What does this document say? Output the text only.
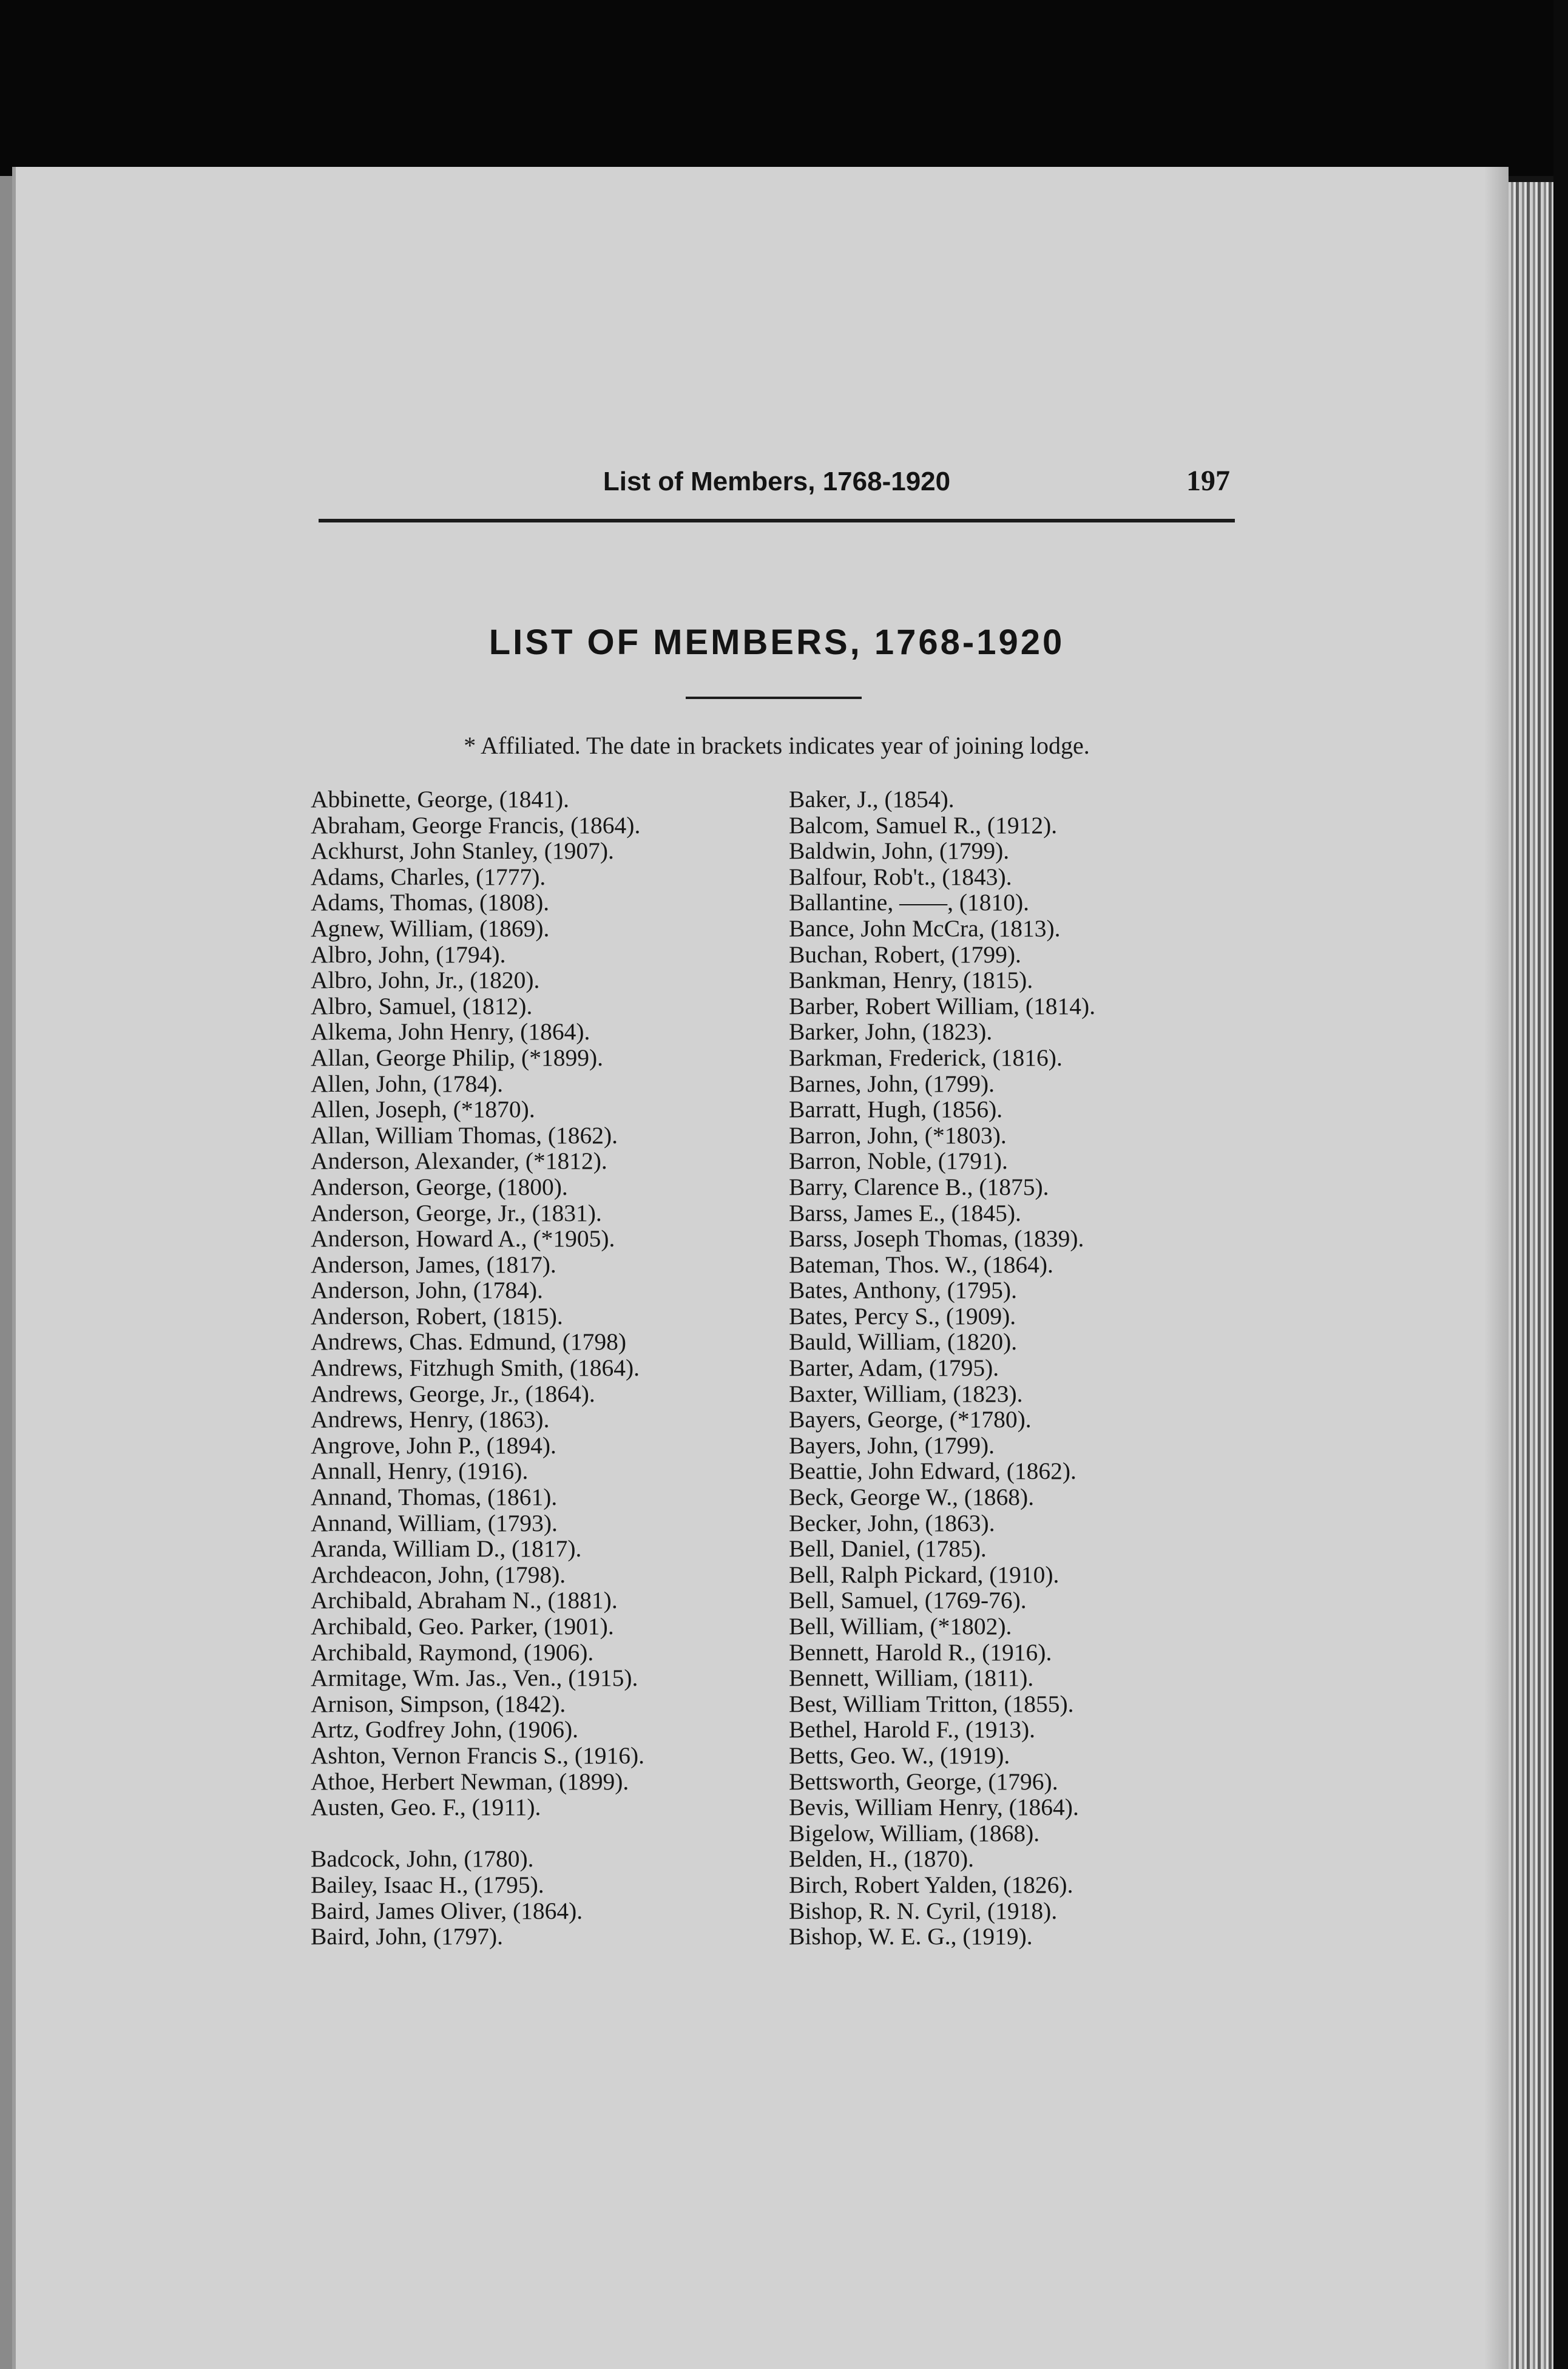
List of Members, 1768-1920	197
LIST OF MEMBERS, 1768-1920
* Affiliated. The date in brackets indicates year of joining lodge.
Abbinette, George, (1841).
Abraham, George Francis, (1864).
Ackhurst, John Stanley, (1907).
Adams, Charles, (1777).
Adams, Thomas, (1808).
Agnew, William, (1869).
Albro, John, (1794).
Albro, John, Jr., (1820).
Albro, Samuel, (1812).
Alkema, John Henry, (1864).
Allan, George Philip, (*1899).
Allen, John, (1784).
Allen, Joseph, (*1870).
Allan, William Thomas, (1862).
Anderson, Alexander, (*1812).
Anderson, George, (1800).
Anderson, George, Jr., (1831).
Anderson, Howard A., (*1905).
Anderson, James, (1817).
Anderson, John, (1784).
Anderson, Robert, (1815).
Andrews, Chas. Edmund, (1798)
Andrews, Fitzhugh Smith, (1864).
Andrews, George, Jr., (1864).
Andrews, Henry, (1863).
Angrove, John P., (1894).
Annall, Henry, (1916).
Annand, Thomas, (1861).
Annand, William, (1793).
Aranda, William D., (1817).
Archdeacon, John, (1798).
Archibald, Abraham N., (1881).
Archibald, Geo. Parker, (1901).
Archibald, Raymond, (1906).
Armitage, Wm. Jas., Ven., (1915).
Arnison, Simpson, (1842).
Artz, Godfrey John, (1906).
Ashton, Vernon Francis S., (1916).
Athoe, Herbert Newman, (1899).
Austen, Geo. F., (1911).
Badcock, John, (1780).
Bailey, Isaac H., (1795).
Baird, James Oliver, (1864).
Baird, John, (1797).
Baker, J., (1854).
Balcom, Samuel R., (1912).
Baldwin, John, (1799).
Balfour, Rob't., (1843).
Ballantine, ——, (1810).
Bance, John McCra, (1813).
Buchan, Robert, (1799).
Bankman, Henry, (1815).
Barber, Robert William, (1814).
Barker, John, (1823).
Barkman, Frederick, (1816).
Barnes, John, (1799).
Barratt, Hugh, (1856).
Barron, John, (*1803).
Barron, Noble, (1791).
Barry, Clarence B., (1875).
Barss, James E., (1845).
Barss, Joseph Thomas, (1839).
Bateman, Thos. W., (1864).
Bates, Anthony, (1795).
Bates, Percy S., (1909).
Bauld, William, (1820).
Barter, Adam, (1795).
Baxter, William, (1823).
Bayers, George, (*1780).
Bayers, John, (1799).
Beattie, John Edward, (1862).
Beck, George W., (1868).
Becker, John, (1863).
Bell, Daniel, (1785).
Bell, Ralph Pickard, (1910).
Bell, Samuel, (1769-76).
Bell, William, (*1802).
Bennett, Harold R., (1916).
Bennett, William, (1811).
Best, William Tritton, (1855).
Bethel, Harold F., (1913).
Betts, Geo. W., (1919).
Bettsworth, George, (1796).
Bevis, William Henry, (1864).
Bigelow, William, (1868).
Belden, H., (1870).
Birch, Robert Yalden, (1826).
Bishop, R. N. Cyril, (1918).
Bishop, W. E. G., (1919).
